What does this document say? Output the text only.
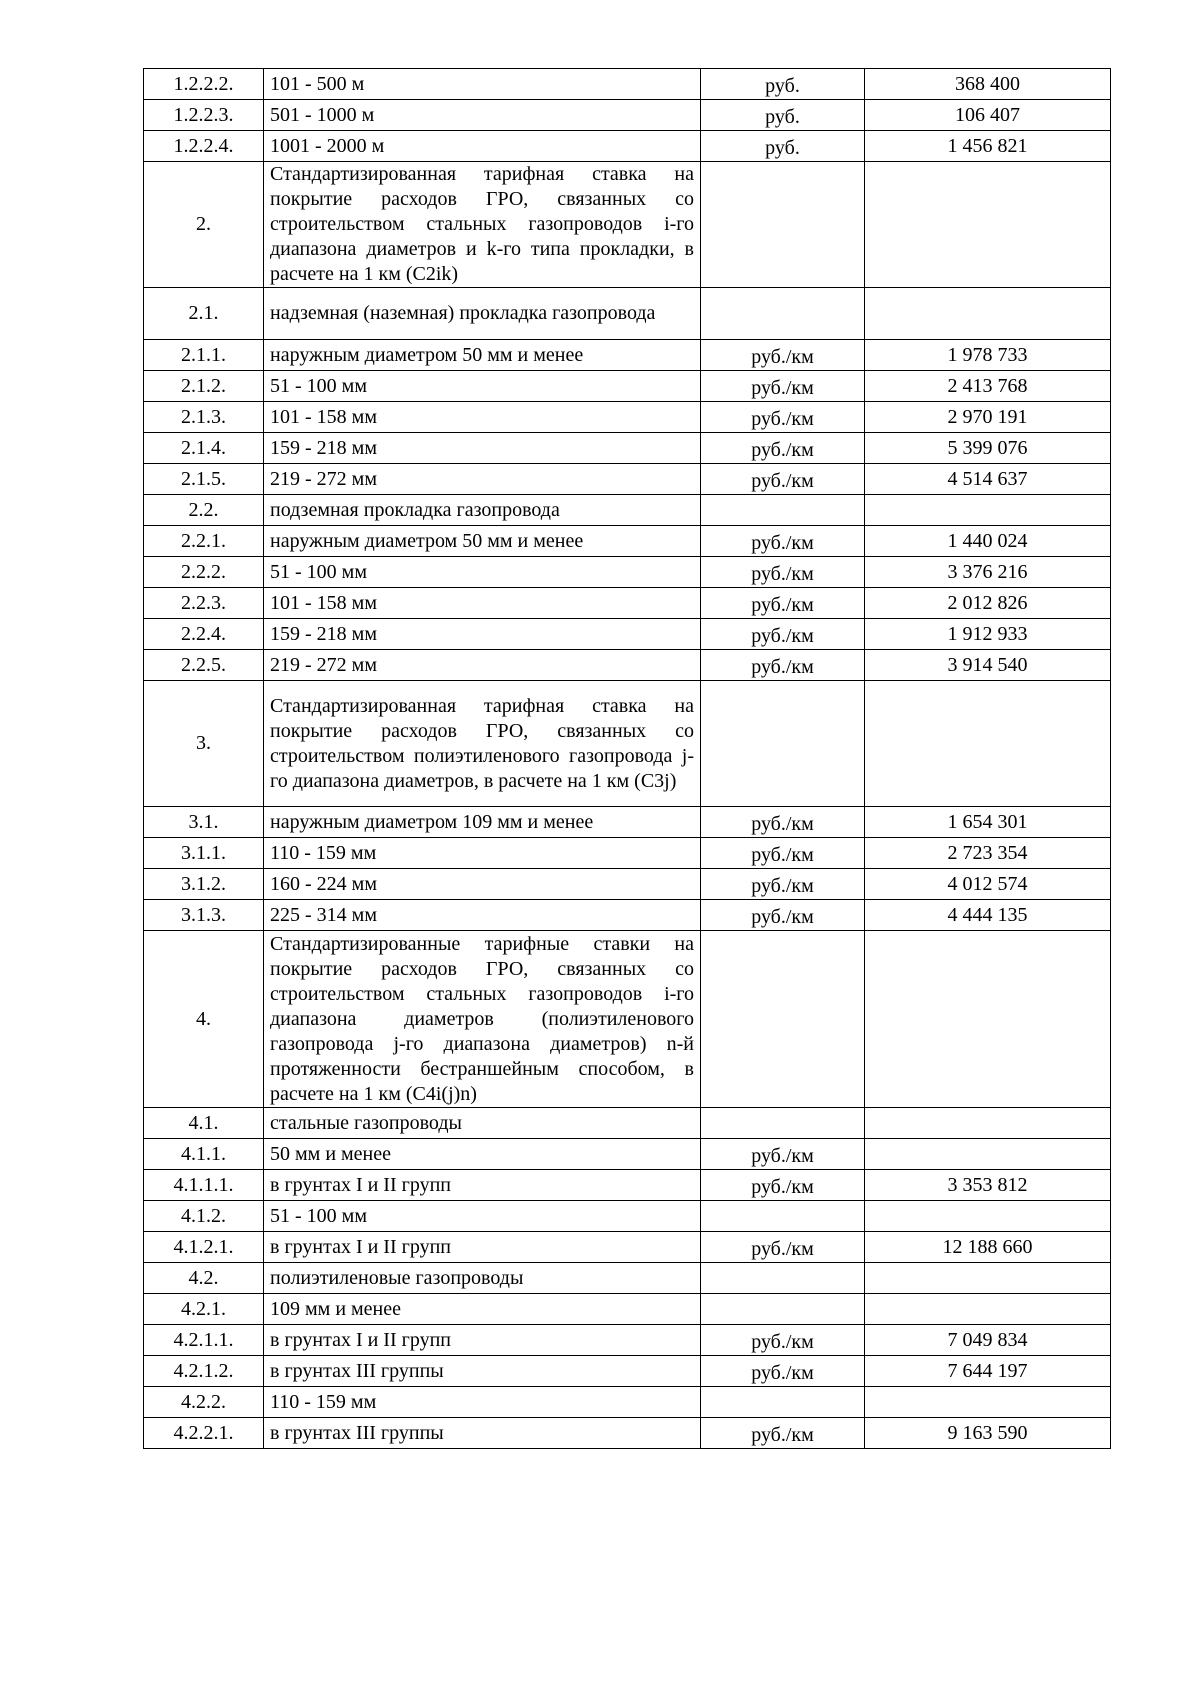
1.2.2.2.	101 - 500 м	руб.	368 400
1.2.2.3.	501 - 1000 м	руб.	106 407
1.2.2.4.	1001 - 2000 м	руб.	1 456 821
2.	Стандартизированная тарифная ставка на покрытие расходов ГРО, связанных со строительством стальных газопроводов i-го диапазона диаметров и k-го типа прокладки, в расчете на 1 км (C2ik)		
2.1.	надземная (наземная) прокладка газопровода		
2.1.1.	наружным диаметром 50 мм и менее	руб./км	1 978 733
2.1.2.	51 - 100 мм	руб./км	2 413 768
2.1.3.	101 - 158 мм	руб./км	2 970 191
2.1.4.	159 - 218 мм	руб./км	5 399 076
2.1.5.	219 - 272 мм	руб./км	4 514 637
2.2.	подземная прокладка газопровода		
2.2.1.	наружным диаметром 50 мм и менее	руб./км	1 440 024
2.2.2.	51 - 100 мм	руб./км	3 376 216
2.2.3.	101 - 158 мм	руб./км	2 012 826
2.2.4.	159 - 218 мм	руб./км	1 912 933
2.2.5.	219 - 272 мм	руб./км	3 914 540
3.	Стандартизированная тарифная ставка на покрытие расходов ГРО, связанных со строительством полиэтиленового газопровода j-го диапазона диаметров, в расчете на 1 км (C3j)		
3.1.	наружным диаметром 109 мм и менее	руб./км	1 654 301
3.1.1.	110 - 159 мм	руб./км	2 723 354
3.1.2.	160 - 224 мм	руб./км	4 012 574
3.1.3.	225 - 314 мм	руб./км	4 444 135
4.	Стандартизированные тарифные ставки на покрытие расходов ГРО, связанных со строительством стальных газопроводов i-го диапазона диаметров (полиэтиленового газопровода j-го диапазона диаметров) n-й протяженности бестраншейным способом, в расчете на 1 км (C4i(j)n)		
4.1.	стальные газопроводы		
4.1.1.	50 мм и менее	руб./км	
4.1.1.1.	в грунтах I и II групп	руб./км	3 353 812
4.1.2.	51 - 100 мм		
4.1.2.1.	в грунтах I и II групп	руб./км	12 188 660
4.2.	полиэтиленовые газопроводы		
4.2.1.	109 мм и менее		
4.2.1.1.	в грунтах I и II групп	руб./км	7 049 834
4.2.1.2.	в грунтах III группы	руб./км	7 644 197
4.2.2.	110 - 159 мм		
4.2.2.1.	в грунтах III группы	руб./км	9 163 590
